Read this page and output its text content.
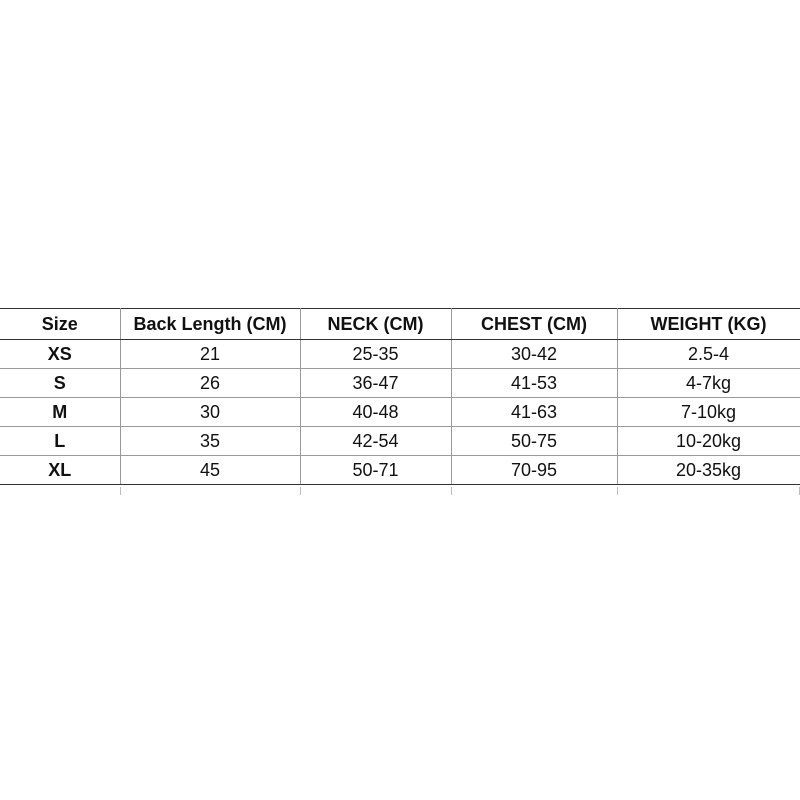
Size	Back Length (CM)	NECK (CM)	CHEST (CM)	WEIGHT (KG)
XS	21	25-35	30-42	2.5-4
S	26	36-47	41-53	4-7kg
M	30	40-48	41-63	7-10kg
L	35	42-54	50-75	10-20kg
XL	45	50-71	70-95	20-35kg
